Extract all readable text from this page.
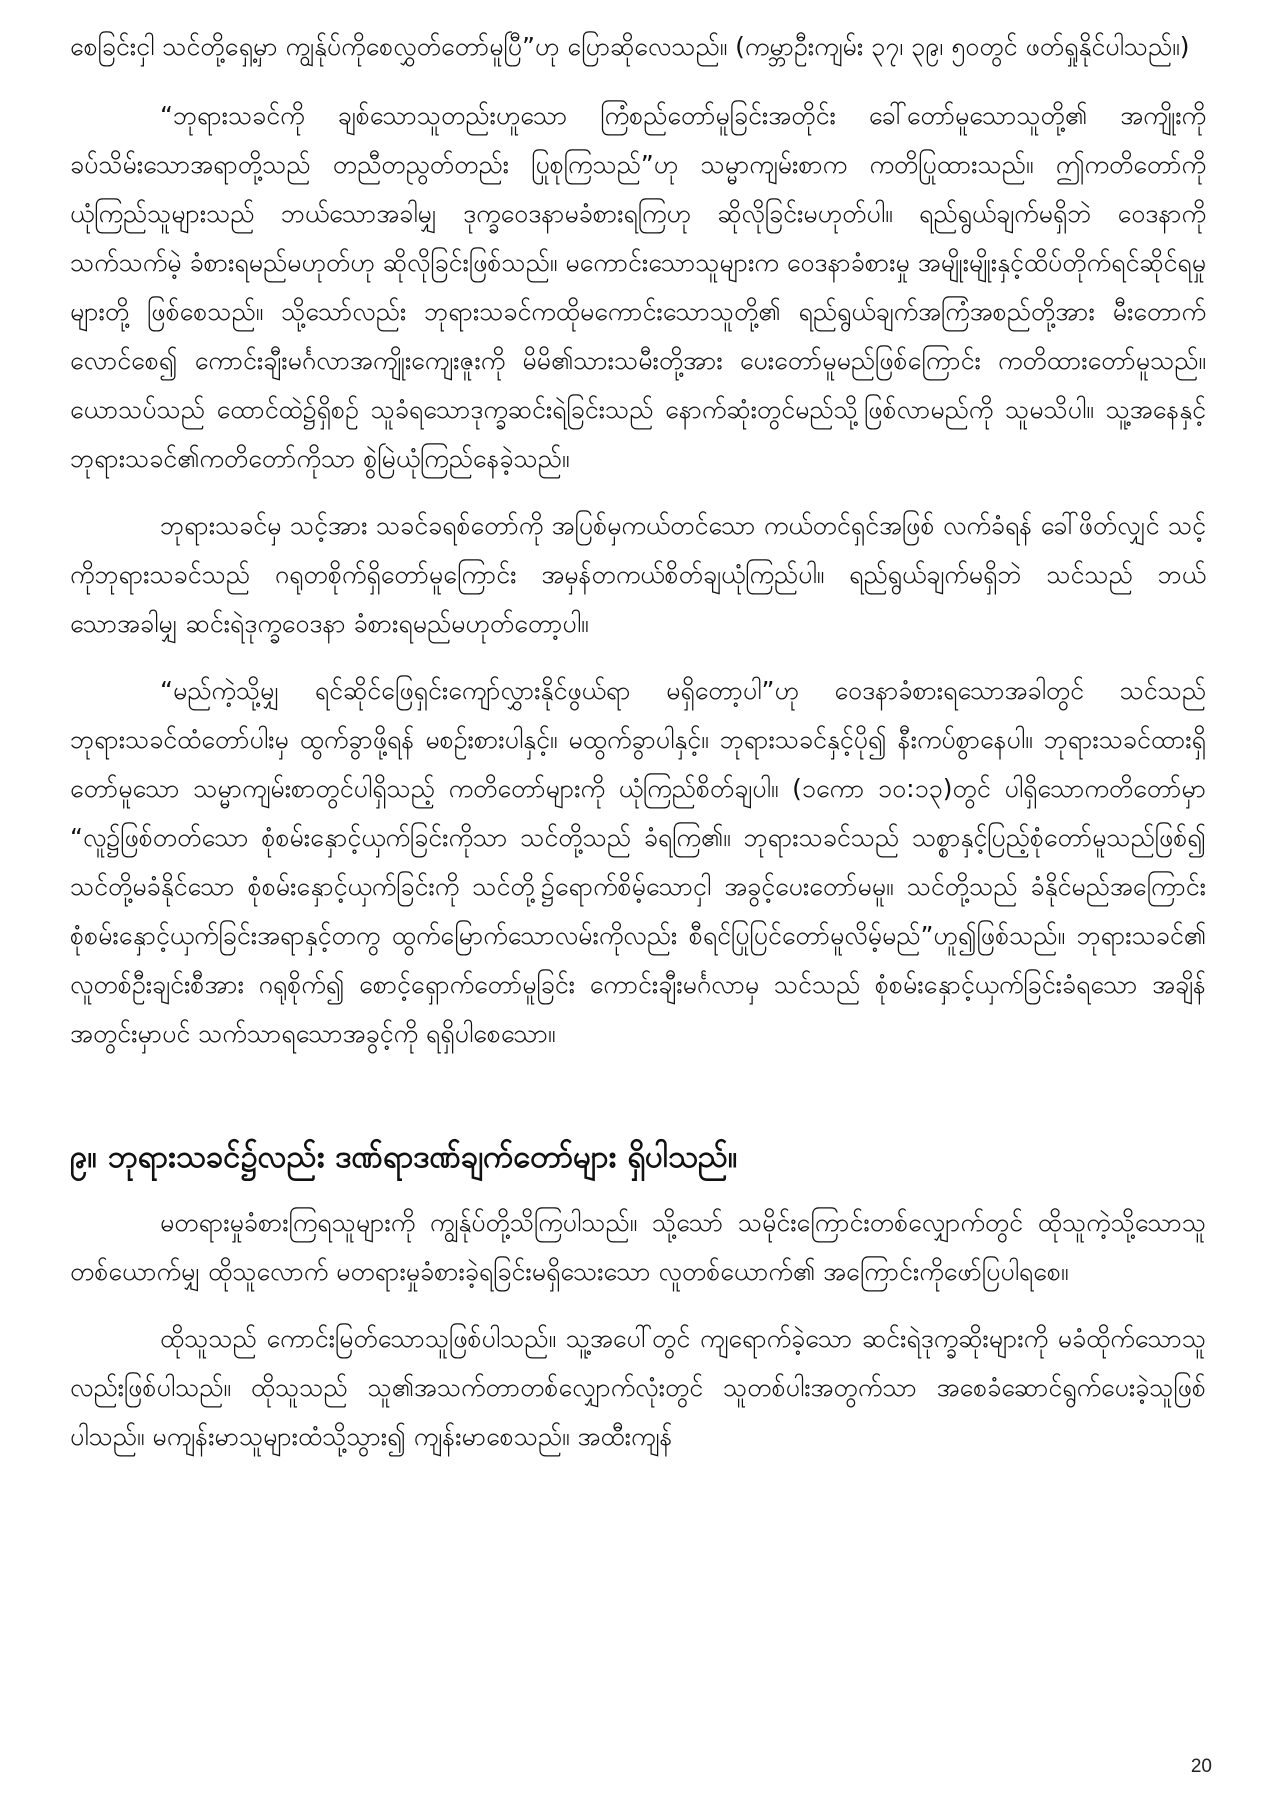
စေခြင်းငှါ သင်တို့ရှေ့မှာ ကျွန်ုပ်ကိုစေလွှတ်တော်မူပြီ”ဟု ပြောဆိုလေသည်။ (ကမ္ဘာဦးကျမ်း ၃၇၊ ၃၉၊ ၅၀တွင် ဖတ်ရှုနိုင်ပါသည်။)

“ဘုရားသခင်ကို ချစ်သောသူတည်းဟူသော ကြံစည်တော်မူခြင်းအတိုင်း ခေါ်တော်မူသောသူတို့၏ အကျိုးကို ခပ်သိမ်းသောအရာတို့သည် တညီတညွတ်တည်း ပြုစုကြသည်”ဟု သမ္မာကျမ်းစာက ကတိပြုထားသည်။ ဤကတိတော်ကို ယုံကြည်သူများသည် ဘယ်သောအခါမျှ ဒုက္ခဝေဒနာမခံစားရကြဟု ဆိုလိုခြင်းမဟုတ်ပါ။ ရည်ရွယ်ချက်မရှိဘဲ ဝေဒနာကိုသက်သက်မဲ့ ခံစားရမည်မဟုတ်ဟု ဆိုလိုခြင်းဖြစ်သည်။ မကောင်းသောသူများက ဝေဒနာခံစားမှု အမျိုးမျိုးနှင့်ထိပ်တိုက်ရင်ဆိုင်ရမှုများတို့ ဖြစ်စေသည်။ သို့သော်လည်း ဘုရားသခင်ကထိုမကောင်းသောသူတို့၏ ရည်ရွယ်ချက်အကြံအစည်တို့အား မီးတောက်လောင်စေ၍ ကောင်းချီးမင်္ဂလာအကျိုးကျေးဇူးကို မိမိ၏သားသမီးတို့အား ပေးတော်မူမည်ဖြစ်ကြောင်း ကတိထားတော်မူသည်။ ယောသပ်သည် ထောင်ထဲ၌ရှိစဉ် သူခံရသောဒုက္ခဆင်းရဲခြင်းသည် နောက်ဆုံးတွင်မည်သို့ဖြစ်လာမည်ကို သူမသိပါ။ သူ့အနေနှင့် ဘုရားသခင်၏ကတိတော်ကိုသာ စွဲမြဲယုံကြည်နေခဲ့သည်။

ဘုရားသခင်မှ သင့်အား သခင်ခရစ်တော်ကို အပြစ်မှကယ်တင်သော ကယ်တင်ရှင်အဖြစ် လက်ခံရန် ခေါ်ဖိတ်လျှင် သင့်ကိုဘုရားသခင်သည် ဂရုတစိုက်ရှိတော်မူကြောင်း အမှန်တကယ်စိတ်ချယုံကြည်ပါ။ ရည်ရွယ်ချက်မရှိဘဲ သင်သည် ဘယ်သောအခါမျှ ဆင်းရဲဒုက္ခဝေဒနာ ခံစားရမည်မဟုတ်တော့ပါ။

“မည်ကဲ့သို့မျှ ရင်ဆိုင်ဖြေရှင်းကျော်လွှားနိုင်ဖွယ်ရာ မရှိတော့ပါ”ဟု ဝေဒနာခံစားရသောအခါတွင် သင်သည် ဘုရားသခင်ထံတော်ပါးမှ ထွက်ခွာဖို့ရန် မစဉ်းစားပါနှင့်။ မထွက်ခွာပါနှင့်။ ဘုရားသခင်နှင့်ပို၍ နီးကပ်စွာနေပါ။ ဘုရားသခင်ထားရှိတော်မူသော သမ္မာကျမ်းစာတွင်ပါရှိသည့် ကတိတော်များကို ယုံကြည်စိတ်ချပါ။ (၁ကော ၁၀:၁၃)တွင် ပါရှိသောကတိတော်မှာ “လူ၌ဖြစ်တတ်သော စုံစမ်းနှောင့်ယှက်ခြင်းကိုသာ သင်တို့သည် ခံရကြ၏။ ဘုရားသခင်သည် သစ္စာနှင့်ပြည့်စုံတော်မူသည်ဖြစ်၍ သင်တို့မခံနိုင်သော စုံစမ်းနှောင့်ယှက်ခြင်းကို သင်တို့၌ရောက်စိမ့်သောငှါ အခွင့်ပေးတော်မမူ။ သင်တို့သည် ခံနိုင်မည်အကြောင်း စုံစမ်းနှောင့်ယှက်ခြင်းအရာနှင့်တကွ ထွက်မြောက်သောလမ်းကိုလည်း စီရင်ပြုပြင်တော်မူလိမ့်မည်”ဟူ၍ဖြစ်သည်။ ဘုရားသခင်၏ လူတစ်ဦးချင်းစီအား ဂရုစိုက်၍ စောင့်ရှောက်တော်မူခြင်း ကောင်းချီးမင်္ဂလာမှ သင်သည် စုံစမ်းနှောင့်ယှက်ခြင်းခံရသော အချိန်အတွင်းမှာပင် သက်သာရသောအခွင့်ကို ရရှိပါစေသော။

၉။ ဘုရားသခင်၌လည်း ဒဏ်ရာဒဏ်ချက်တော်များ ရှိပါသည်။

မတရားမှုခံစားကြရသူများကို ကျွန်ုပ်တို့သိကြပါသည်။ သို့သော် သမိုင်းကြောင်းတစ်လျှောက်တွင် ထိုသူကဲ့သို့သောသူ တစ်ယောက်မျှ ထိုသူလောက် မတရားမှုခံစားခဲ့ရခြင်းမရှိသေးသော လူတစ်ယောက်၏ အကြောင်းကိုဖော်ပြပါရစေ။

ထိုသူသည် ကောင်းမြတ်သောသူဖြစ်ပါသည်။ သူ့အပေါ်တွင် ကျရောက်ခဲ့သော ဆင်းရဲဒုက္ခဆိုးများကို မခံထိုက်သောသူလည်းဖြစ်ပါသည်။ ထိုသူသည် သူ၏အသက်တာတစ်လျှောက်လုံးတွင် သူတစ်ပါးအတွက်သာ အစေခံဆောင်ရွက်ပေးခဲ့သူဖြစ်ပါသည်။ မကျန်းမာသူများထံသို့သွား၍ ကျန်းမာစေသည်။ အထီးကျန်

20
